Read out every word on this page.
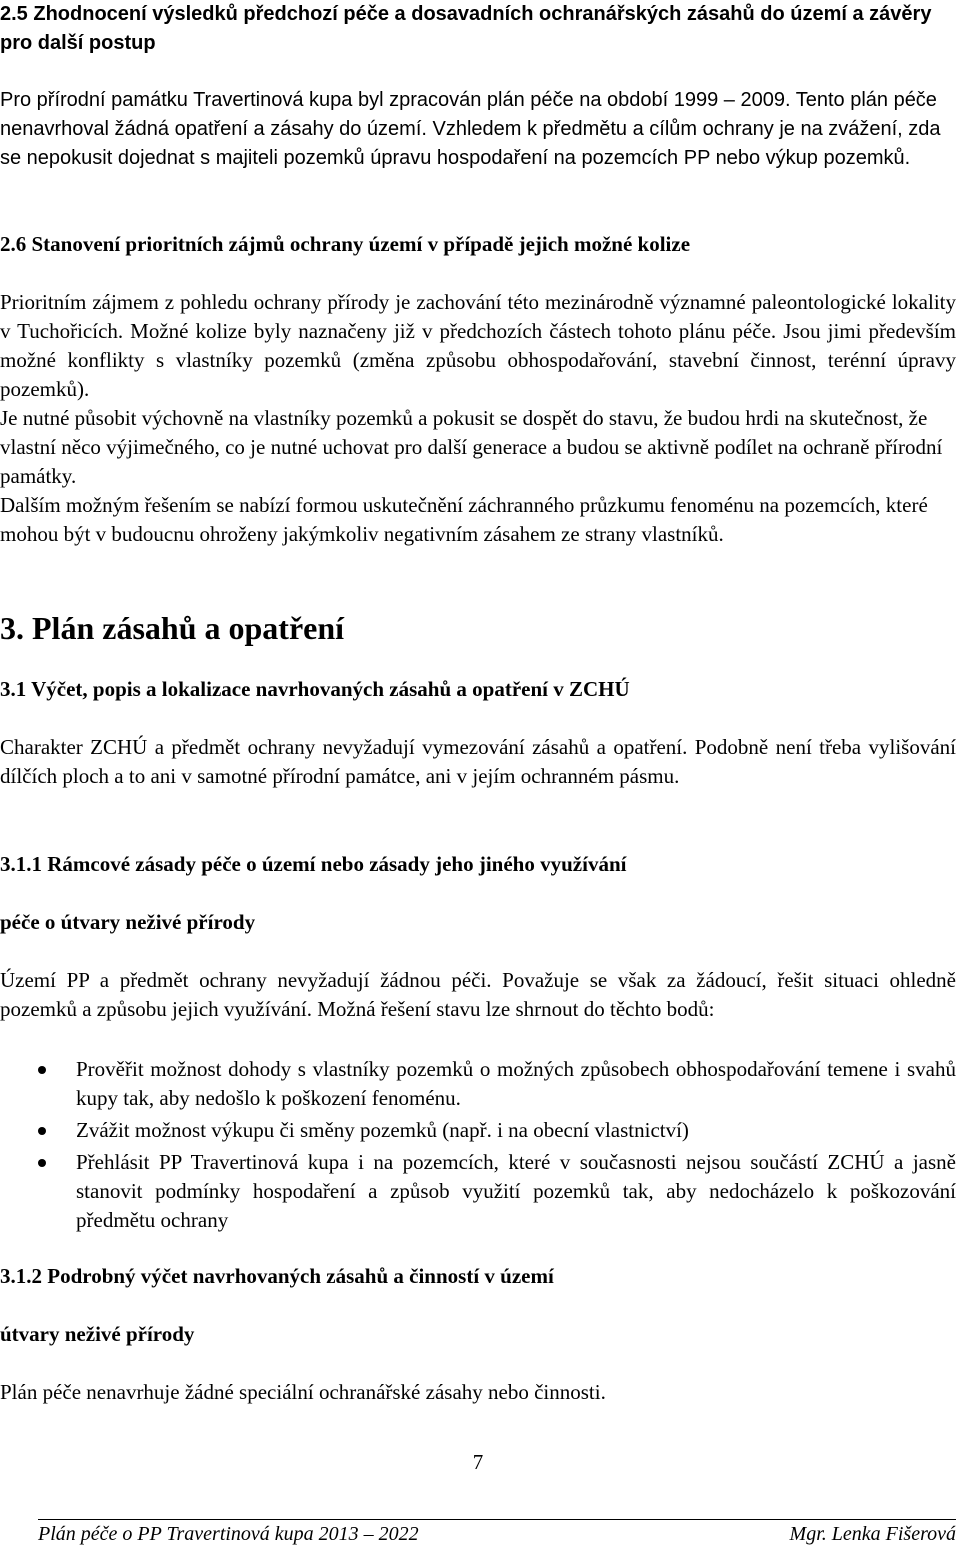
2.5 Zhodnocení výsledků předchozí péče a dosavadních ochranářských zásahů do území a závěry pro další postup

Pro přírodní památku Travertinová kupa byl zpracován plán péče na období 1999 – 2009. Tento plán péče nenavrhoval žádná opatření a zásahy do území. Vzhledem k předmětu a cílům ochrany je na zvážení, zda se nepokusit dojednat s majiteli pozemků úpravu hospodaření na pozemcích PP nebo výkup pozemků.

2.6 Stanovení prioritních zájmů ochrany území v případě jejich možné kolize

Prioritním zájmem z pohledu ochrany přírody je zachování této mezinárodně významné paleontologické lokality v Tuchořicích. Možné kolize byly naznačeny již v předchozích částech tohoto plánu péče. Jsou jimi především možné konflikty s vlastníky pozemků (změna způsobu obhospodařování, stavební činnost, terénní úpravy pozemků).

Je nutné působit výchovně na vlastníky pozemků a pokusit se dospět do stavu, že budou hrdi na skutečnost, že vlastní něco výjimečného, co je nutné uchovat pro další generace a budou se aktivně podílet na ochraně přírodní památky.

Dalším možným řešením se nabízí formou uskutečnění záchranného průzkumu fenoménu na pozemcích, které mohou být v budoucnu ohroženy jakýmkoliv negativním zásahem ze strany vlastníků.

3. Plán zásahů a opatření

3.1 Výčet, popis a lokalizace navrhovaných zásahů a opatření v ZCHÚ

Charakter ZCHÚ a předmět ochrany nevyžadují vymezování zásahů a opatření. Podobně není třeba vylišování dílčích ploch a to ani v samotné přírodní památce, ani v jejím ochranném pásmu.

3.1.1 Rámcové zásady péče o území nebo zásady jeho jiného využívání

péče o útvary neživé přírody

Území PP a předmět ochrany nevyžadují žádnou péči. Považuje se však za žádoucí, řešit situaci ohledně pozemků a způsobu jejich využívání. Možná řešení stavu lze shrnout do těchto bodů:

Prověřit možnost dohody s vlastníky pozemků o možných způsobech obhospodařování temene i svahů kupy tak, aby nedošlo k poškození fenoménu.
Zvážit možnost výkupu či směny pozemků (např. i na obecní vlastnictví)
Přehlásit PP Travertinová kupa i na pozemcích, které v současnosti nejsou součástí ZCHÚ a jasně stanovit podmínky hospodaření a způsob využití pozemků tak, aby nedocházelo k poškozování předmětu ochrany

3.1.2 Podrobný výčet navrhovaných zásahů a činností v území

útvary neživé přírody

Plán péče nenavrhuje žádné speciální ochranářské zásahy nebo činnosti.

7
Plán péče o PP Travertinová kupa 2013 – 2022	Mgr. Lenka Fišerová
